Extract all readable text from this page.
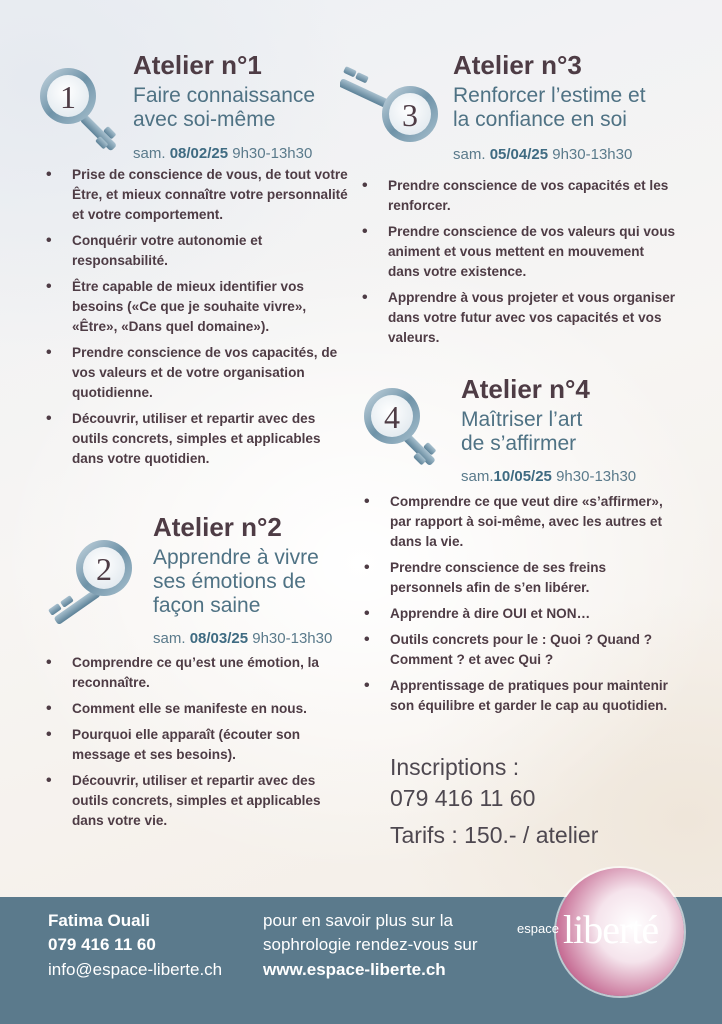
1
Atelier n°1
Faire connaissance
avec soi-même
sam. 08/02/25 9h30-13h30
• Prise de conscience de vous, de tout votre Être, et mieux connaître votre personnalité et votre comportement.
• Conquérir votre autonomie et responsabilité.
• Être capable de mieux identifier vos besoins («Ce que je souhaite vivre», «Être», «Dans quel domaine»).
• Prendre conscience de vos capacités, de vos valeurs et de votre organisation quotidienne.
• Découvrir, utiliser et repartir avec des outils concrets, simples et applicables dans votre quotidien.
2
Atelier n°2
Apprendre à vivre
ses émotions de
façon saine
sam. 08/03/25 9h30-13h30
• Comprendre ce qu’est une émotion, la reconnaître.
• Comment elle se manifeste en nous.
• Pourquoi elle apparaît (écouter son message et ses besoins).
• Découvrir, utiliser et repartir avec des outils concrets, simples et applicables dans votre vie.
3
Atelier n°3
Renforcer l’estime et
la confiance en soi
sam. 05/04/25 9h30-13h30
• Prendre conscience de vos capacités et les renforcer.
• Prendre conscience de vos valeurs qui vous animent et vous mettent en mouvement dans votre existence.
• Apprendre à vous projeter et vous organiser dans votre futur avec vos capacités et vos valeurs.
4
Atelier n°4
Maîtriser l’art
de s’affirmer
sam.10/05/25 9h30-13h30
• Comprendre ce que veut dire «s’affirmer», par rapport à soi-même, avec les autres et dans la vie.
• Prendre conscience de ses freins personnels afin de s’en libérer.
• Apprendre à dire OUI et NON…
• Outils concrets pour le : Quoi ? Quand ? Comment ? et avec Qui ?
• Apprentissage de pratiques pour maintenir son équilibre et garder le cap au quotidien.
Inscriptions :
079 416 11 60
Tarifs : 150.- / atelier
Fatima Ouali
079 416 11 60
info@espace-liberte.ch
pour en savoir plus sur la
sophrologie rendez-vous sur
www.espace-liberte.ch
espace liberté
